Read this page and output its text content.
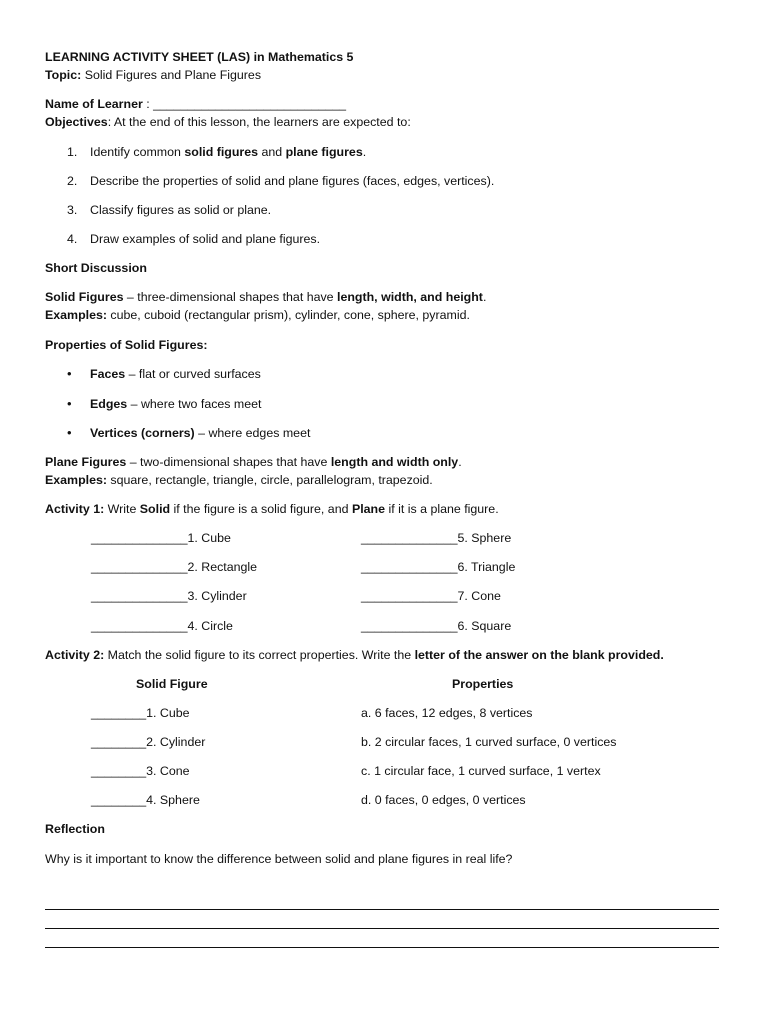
LEARNING ACTIVITY SHEET (LAS) in Mathematics 5
Topic: Solid Figures and Plane Figures
Name of Learner : ____________________________
Objectives: At the end of this lesson, the learners are expected to:
1. Identify common solid figures and plane figures.
2. Describe the properties of solid and plane figures (faces, edges, vertices).
3. Classify figures as solid or plane.
4. Draw examples of solid and plane figures.
Short Discussion
Solid Figures – three-dimensional shapes that have length, width, and height.
Examples: cube, cuboid (rectangular prism), cylinder, cone, sphere, pyramid.
Properties of Solid Figures:
• Faces – flat or curved surfaces
• Edges – where two faces meet
• Vertices (corners) – where edges meet
Plane Figures – two-dimensional shapes that have length and width only.
Examples: square, rectangle, triangle, circle, parallelogram, trapezoid.
Activity 1: Write Solid if the figure is a solid figure, and Plane if it is a plane figure.
______________1. Cube
______________2. Rectangle
______________3. Cylinder
______________4. Circle
______________5. Sphere
______________6. Triangle
______________7. Cone
______________6. Square
Activity 2: Match the solid figure to its correct properties. Write the letter of the answer on the blank provided.
Solid Figure	Properties
________1. Cube
________2. Cylinder
________3. Cone
________4. Sphere
a. 6 faces, 12 edges, 8 vertices
b. 2 circular faces, 1 curved surface, 0 vertices
c. 1 circular face, 1 curved surface, 1 vertex
d. 0 faces, 0 edges, 0 vertices
Reflection
Why is it important to know the difference between solid and plane figures in real life?
